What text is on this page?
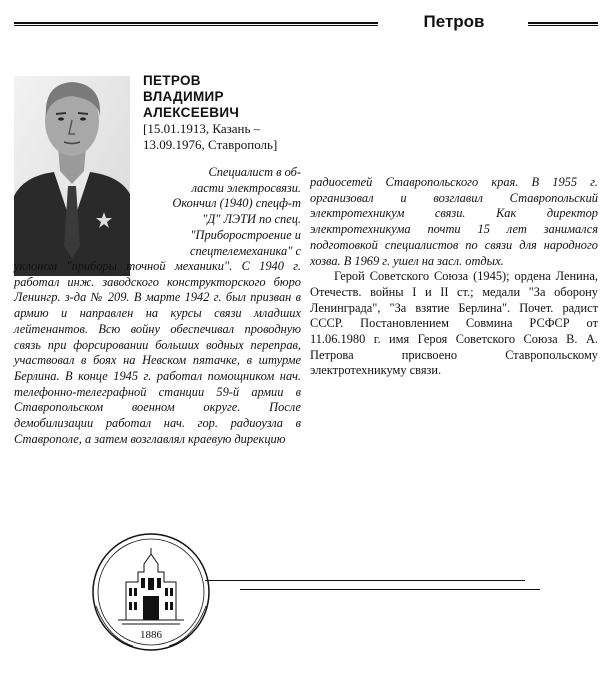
Петров
ПЕТРОВ
ВЛАДИМИР
АЛЕКСЕЕВИЧ
[15.01.1913, Казань –
13.09.1976, Ставрополь]
Специалист в об-
ласти электросвязи.
Окончил (1940) спецф-т
"Д" ЛЭТИ по спец.
"Приборостроение и
спецтелемеханика" с
уклоном "приборы точной механики". С 1940 г. работал инж. заводского конструкторского бюро Ленингр. з-да № 209. В марте 1942 г. был призван в армию и направлен на курсы связи младших лейтенантов. Всю войну обеспечивал проводную связь при форсировании больших водных переправ, участвовал в боях на Невском пятачке, в штурме Берлина. В конце 1945 г. работал помощником нач. телефонно-телеграфной станции 59-й армии в Ставропольском военном округе. После демобилизации работал нач. гор. радиоузла в Ставрополе, а затем возглавлял краевую дирекцию

радиосетей Ставропольского края. В 1955 г. организовал и возглавил Ставропольский электротехникум связи. Как директор электротехникума почти 15 лет занимался подготовкой специалистов по связи для народного хозва. В 1969 г. ушел на засл. отдых.

Герой Советского Союза (1945); ордена Ленина, Отечеств. войны I и II ст.; медали "За оборону Ленинграда", "За взятие Берлина". Почет. радист СССР. Постановлением Совмина РСФСР от 11.06.1980 г. имя Героя Советского Союза В. А. Петрова присвоено Ставропольскому электротехникуму связи.

1886
